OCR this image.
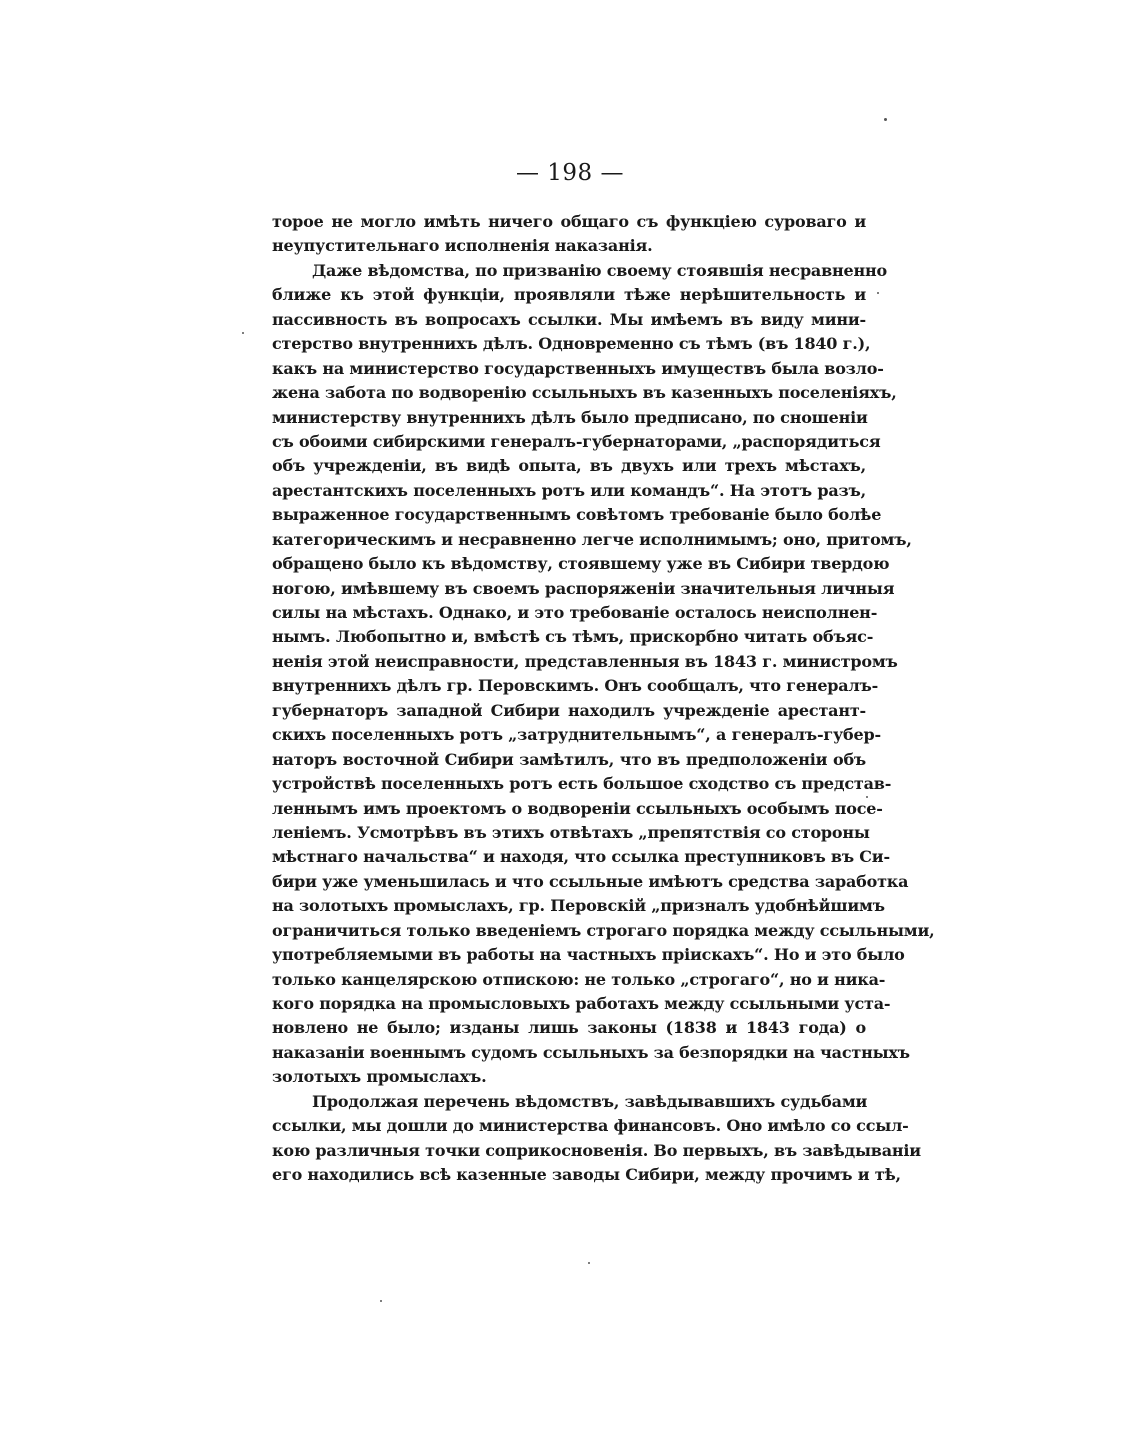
— 198 —
торое не могло имѣть ничего общаго съ функціею суроваго и
неупустительнаго исполненія наказанія.
Даже вѣдомства, по призванію своему стоявшія несравненно
ближе къ этой функціи, проявляли тѣже нерѣшительность и
пассивность въ вопросахъ ссылки. Мы имѣемъ въ виду мини-
стерство внутреннихъ дѣлъ. Одновременно съ тѣмъ (въ 1840 г.),
какъ на министерство государственныхъ имуществъ была возло-
жена забота по водворенію ссыльныхъ въ казенныхъ поселеніяхъ,
министерству внутреннихъ дѣлъ было предписано, по сношеніи
съ обоими сибирскими генералъ-губернаторами, „распорядиться
объ учрежденіи, въ видѣ опыта, въ двухъ или трехъ мѣстахъ,
арестантскихъ поселенныхъ ротъ или командъ“. На этотъ разъ,
выраженное государственнымъ совѣтомъ требованіе было болѣе
категорическимъ и несравненно легче исполнимымъ; оно, притомъ,
обращено было къ вѣдомству, стоявшему уже въ Сибири твердою
ногою, имѣвшему въ своемъ распоряженіи значительныя личныя
силы на мѣстахъ. Однако, и это требованіе осталось неисполнен-
нымъ. Любопытно и, вмѣстѣ съ тѣмъ, прискорбно читать объяс-
ненія этой неисправности, представленныя въ 1843 г. министромъ
внутреннихъ дѣлъ гр. Перовскимъ. Онъ сообщалъ, что генералъ-
губернаторъ западной Сибири находилъ учрежденіе арестант-
скихъ поселенныхъ ротъ „затруднительнымъ“, а генералъ-губер-
наторъ восточной Сибири замѣтилъ, что въ предположеніи объ
устройствѣ поселенныхъ ротъ есть большое сходство съ представ-
леннымъ имъ проектомъ о водвореніи ссыльныхъ особымъ посе-
леніемъ. Усмотрѣвъ въ этихъ отвѣтахъ „препятствія со стороны
мѣстнаго начальства“ и находя, что ссылка преступниковъ въ Си-
бири уже уменьшилась и что ссыльные имѣютъ средства заработка
на золотыхъ промыслахъ, гр. Перовскій „призналъ удобнѣйшимъ
ограничиться только введеніемъ строгаго порядка между ссыльными,
употребляемыми въ работы на частныхъ пріискахъ“. Но и это было
только канцелярскою отпискою: не только „строгаго“, но и ника-
кого порядка на промысловыхъ работахъ между ссыльными уста-
новлено не было; изданы лишь законы (1838 и 1843 года) о
наказаніи военнымъ судомъ ссыльныхъ за безпорядки на частныхъ
золотыхъ промыслахъ.
Продолжая перечень вѣдомствъ, завѣдывавшихъ судьбами
ссылки, мы дошли до министерства финансовъ. Оно имѣло со ссыл-
кою различныя точки соприкосновенія. Во первыхъ, въ завѣдываніи
его находились всѣ казенные заводы Сибири, между прочимъ и тѣ,
